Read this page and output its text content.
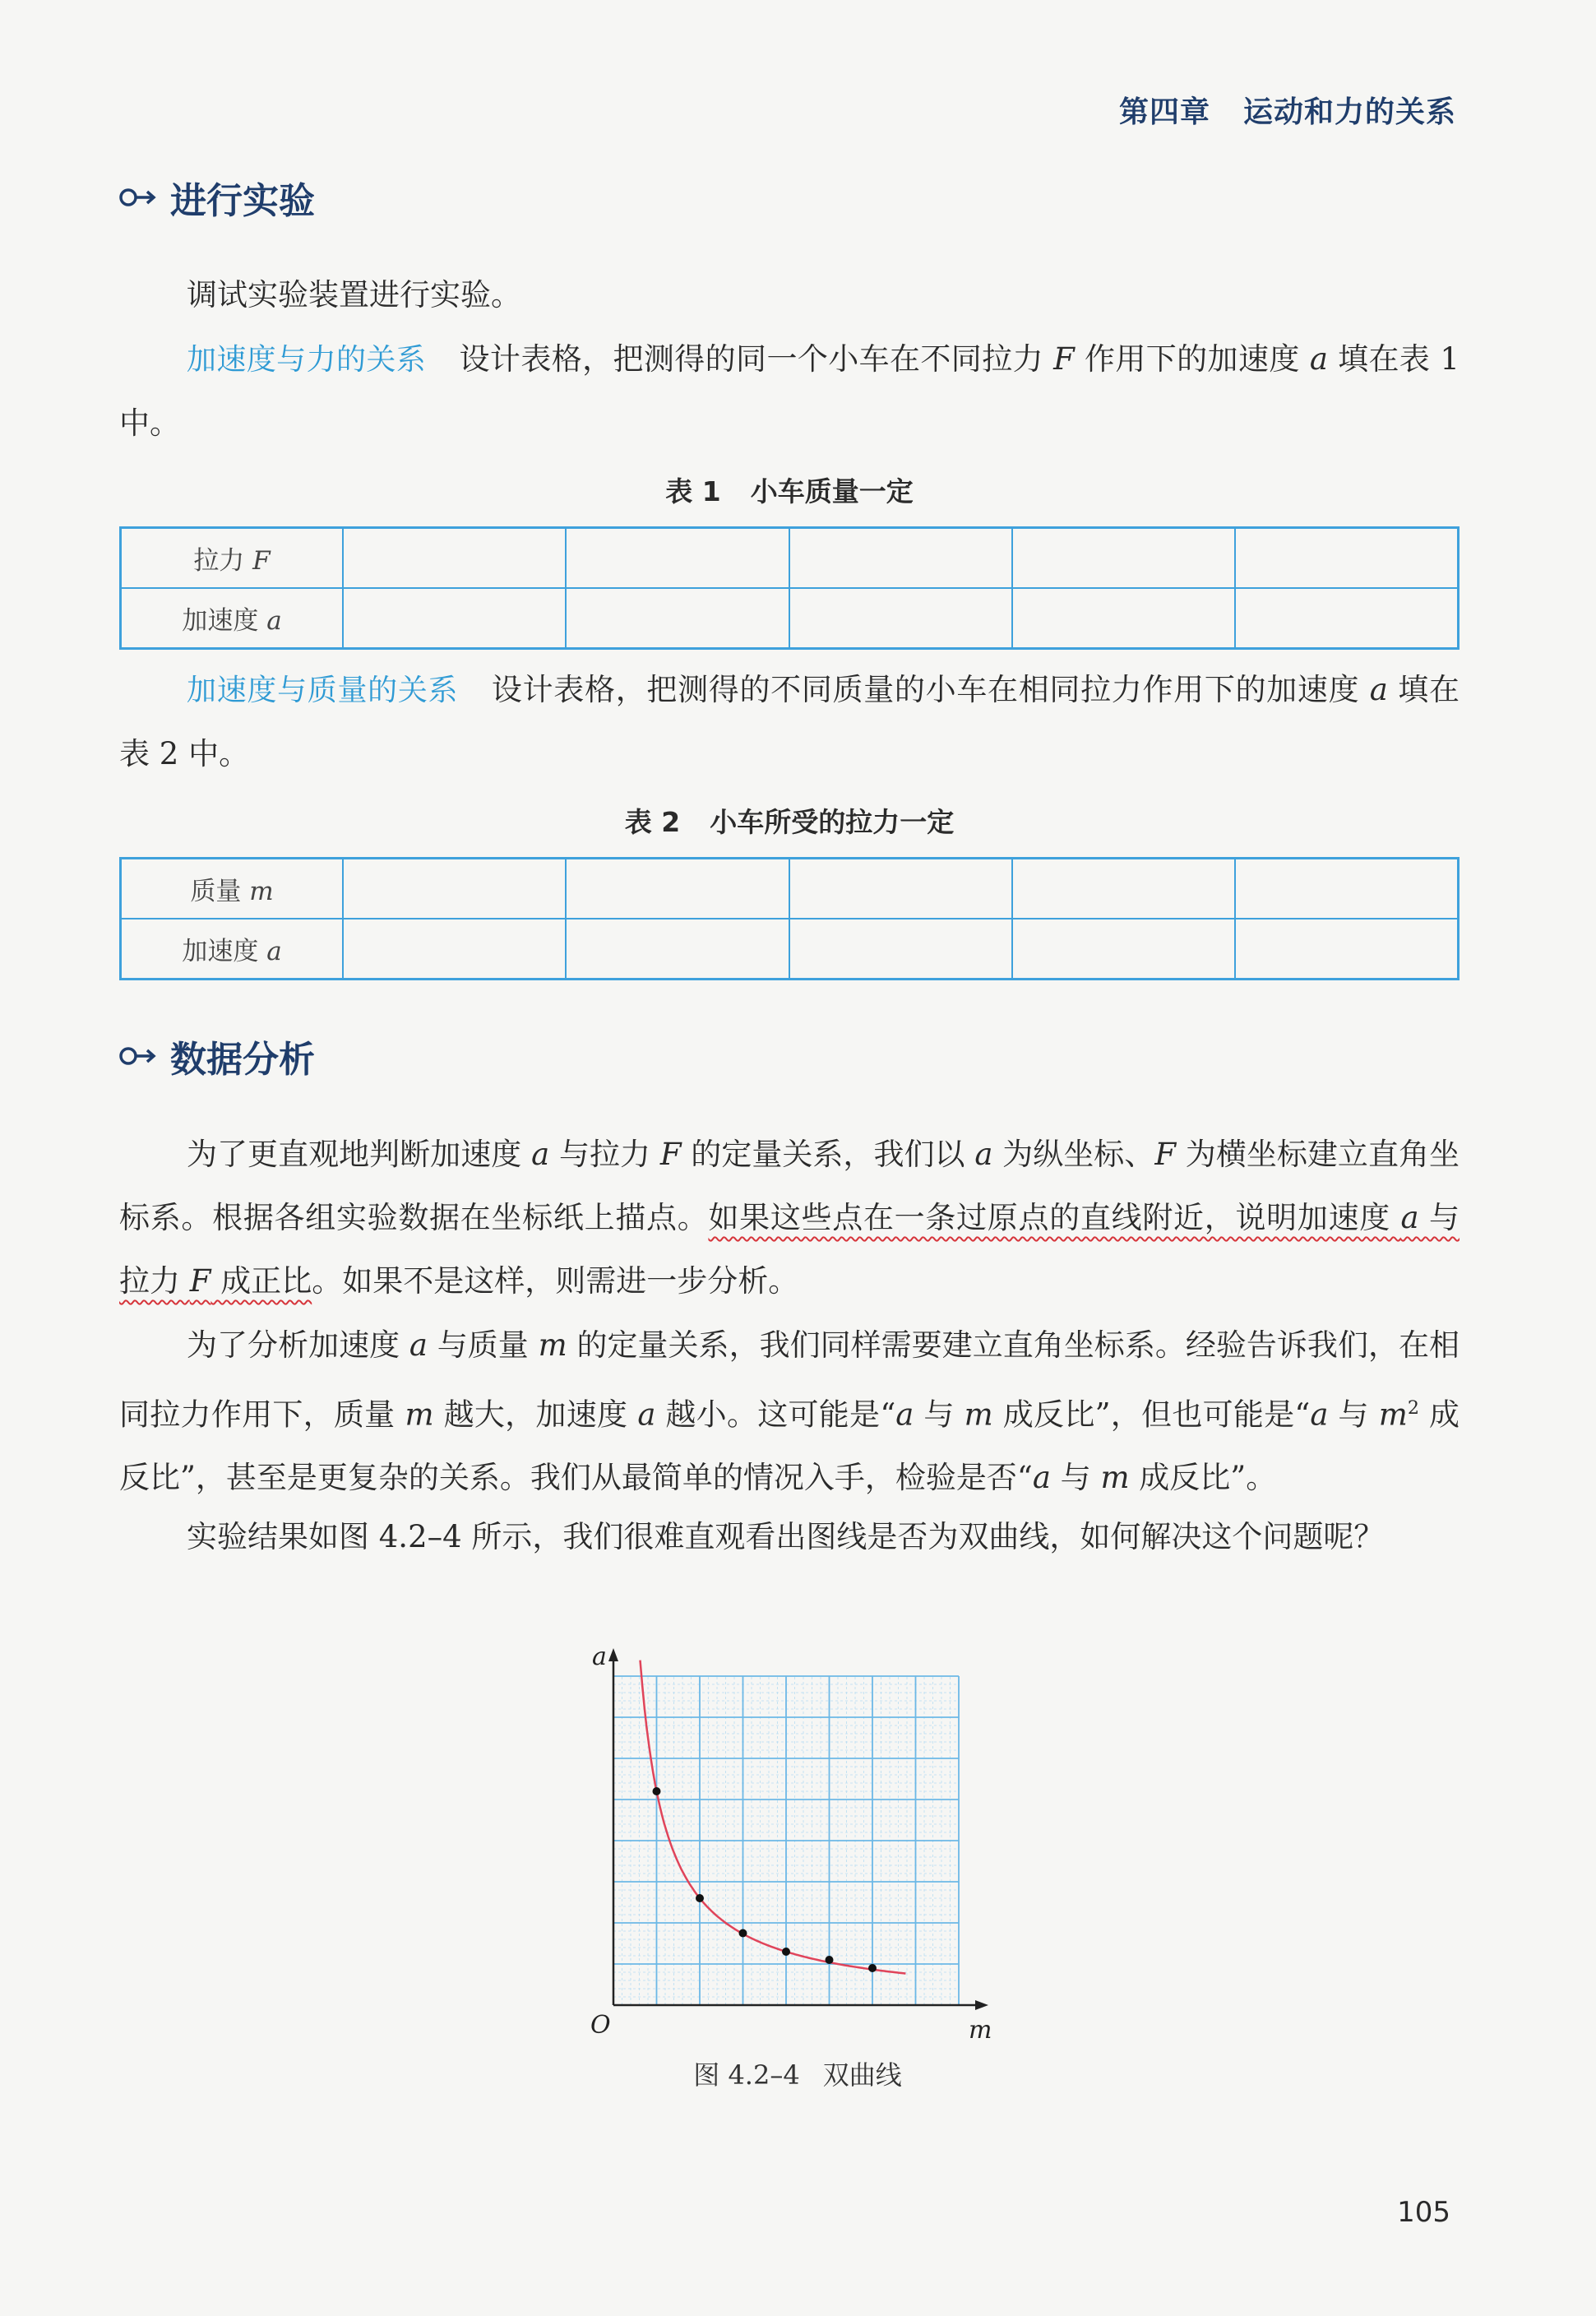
第四章 运动和力的关系
进行实验
调试实验装置进行实验。
加速度与力的关系 设计表格，把测得的同一个小车在不同拉力 F 作用下的加速度 a 填在表 1 中。
表 1 小车质量一定
拉力 F					
加速度 a					
加速度与质量的关系 设计表格，把测得的不同质量的小车在相同拉力作用下的加速度 a 填在表 2 中。
表 2 小车所受的拉力一定
质量 m					
加速度 a					
数据分析
为了更直观地判断加速度 a 与拉力 F 的定量关系，我们以 a 为纵坐标、F 为横坐标建立直角坐标系。根据各组实验数据在坐标纸上描点。如果这些点在一条过原点的直线附近，说明加速度 a 与拉力 F 成正比。如果不是这样，则需进一步分析。
为了分析加速度 a 与质量 m 的定量关系，我们同样需要建立直角坐标系。经验告诉我们，在相同拉力作用下，质量 m 越大，加速度 a 越小。这可能是“a 与 m 成反比”，但也可能是“a 与 $m^2$ 成反比”，甚至是更复杂的关系。我们从最简单的情况入手，检验是否“a 与 m 成反比”。
实验结果如图 4.2–4 所示，我们很难直观看出图线是否为双曲线，如何解决这个问题呢？
a
m
O
图 4.2–4 双曲线
105
